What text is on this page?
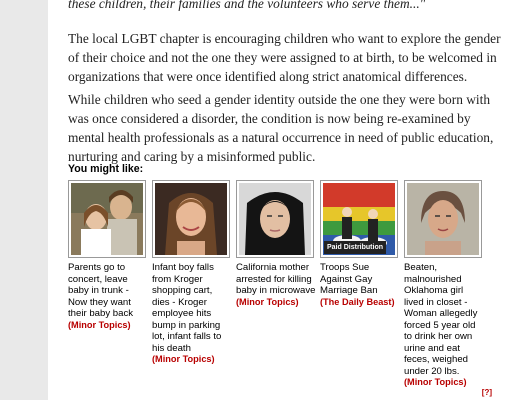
these children, their families and the volunteers who serve them..."

The local LGBT chapter is encouraging children who want to explore the gender of their choice and not the one they were assigned to at birth, to be welcomed in organizations that were once identified along strict anatomical differences.

While children who seed a gender identity outside the one they were born with was once considered a disorder, the condition is now being re-examined by mental health professionals as a natural occurrence in need of public education, nurturing and caring by a misinformed public.

You might like:
Parents go to concert, leave baby in trunk - Now they want their baby back
(Minor Topics)
Infant boy falls from Kroger shopping cart, dies - Kroger employee hits bump in parking lot, infant falls to his death
(Minor Topics)
California mother arrested for killing baby in microwave
(Minor Topics)
Paid Distribution
Troops Sue Against Gay Marriage Ban
(The Daily Beast)
Beaten, malnourished Oklahoma girl lived in closet - Woman allegedly forced 5 year old to drink her own urine and eat feces, weighed under 20 lbs.
(Minor Topics)
[?]
